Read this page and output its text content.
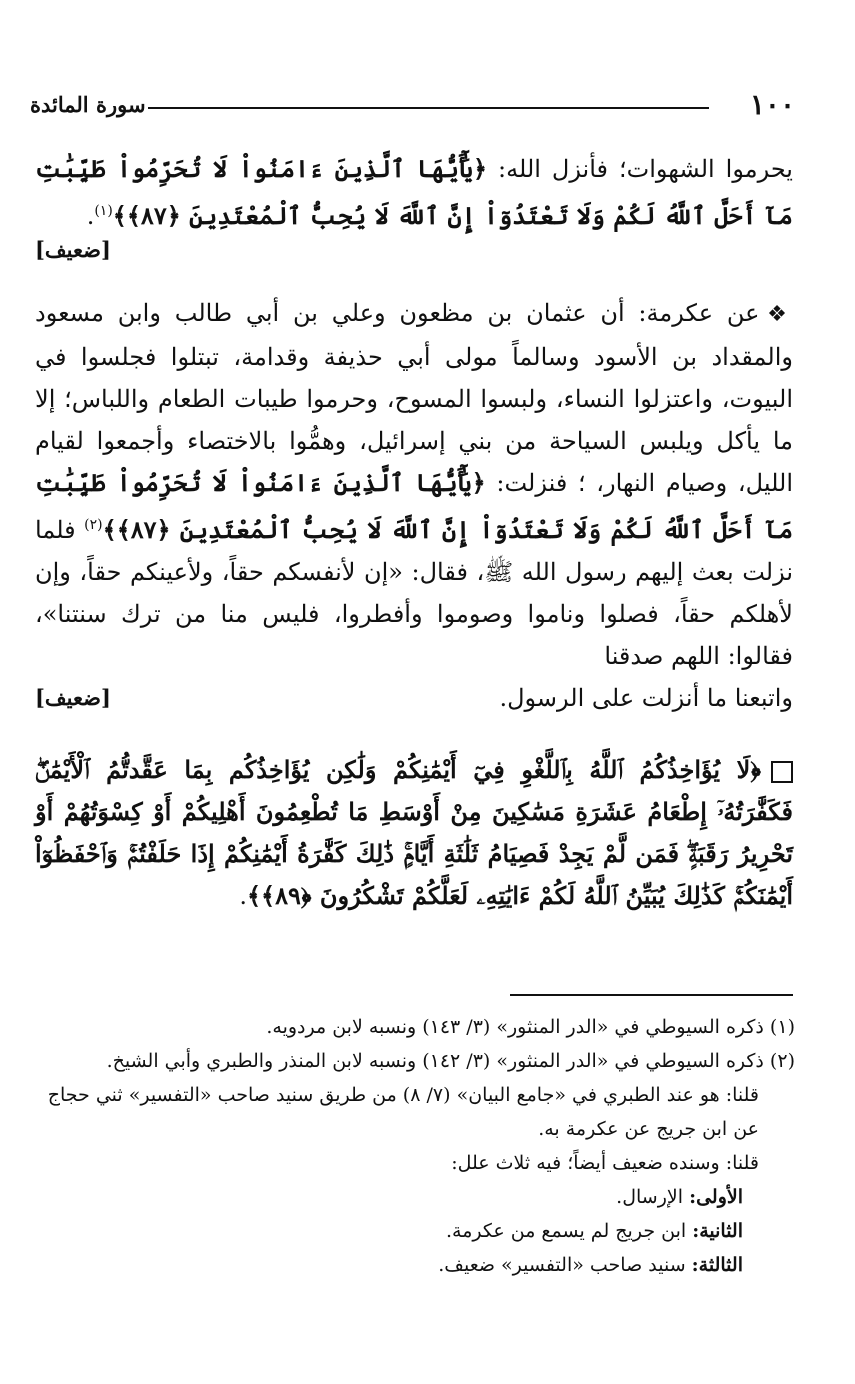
سورة المائدة	١٠٠

يحرموا الشهوات؛ فأنزل الله: ﴿يَٰٓأَيُّهَا ٱلَّذِينَ ءَامَنُواْ لَا تُحَرِّمُواْ طَيِّبَٰتِ مَآ أَحَلَّ ٱللَّهُ لَكُمْ وَلَا تَعْتَدُوٓاْ إِنَّ ٱللَّهَ لَا يُحِبُّ ٱلْمُعْتَدِينَ ﴿٨٧﴾﴾$^{(١)}$.

[ضعيف]

❖ عن عكرمة: أن عثمان بن مظعون وعلي بن أبي طالب وابن مسعود والمقداد بن الأسود وسالماً مولى أبي حذيفة وقدامة، تبتلوا فجلسوا في البيوت، واعتزلوا النساء، ولبسوا المسوح، وحرموا طيبات الطعام واللباس؛ إلا ما يأكل ويلبس السياحة من بني إسرائيل، وهمُّوا بالاختصاء وأجمعوا لقيام الليل، وصيام النهار، ؛ فنزلت: ﴿يَٰٓأَيُّهَا ٱلَّذِينَ ءَامَنُواْ لَا تُحَرِّمُواْ طَيِّبَٰتِ مَآ أَحَلَّ ٱللَّهُ لَكُمْ وَلَا تَعْتَدُوٓاْ إِنَّ ٱللَّهَ لَا يُحِبُّ ٱلْمُعْتَدِينَ ﴿٨٧﴾﴾$^{(٢)}$ فلما نزلت بعث إليهم رسول الله ﷺ، فقال: «إن لأنفسكم حقاً، ولأعينكم حقاً، وإن لأهلكم حقاً، فصلوا وناموا وصوموا وأفطروا، فليس منا من ترك سنتنا»، فقالوا: اللهم صدقنا

واتبعنا ما أنزلت على الرسول.
[ضعيف]

﴿لَا يُؤَاخِذُكُمُ ٱللَّهُ بِٱللَّغْوِ فِيٓ أَيْمَٰنِكُمْ وَلَٰكِن يُؤَاخِذُكُم بِمَا عَقَّدتُّمُ ٱلْأَيْمَٰنَۖ فَكَفَّٰرَتُهُۥٓ إِطْعَامُ عَشَرَةِ مَسَٰكِينَ مِنْ أَوْسَطِ مَا تُطْعِمُونَ أَهْلِيكُمْ أَوْ كِسْوَتُهُمْ أَوْ تَحْرِيرُ رَقَبَةٍۖ فَمَن لَّمْ يَجِدْ فَصِيَامُ ثَلَٰثَةِ أَيَّامٍۚ ذَٰلِكَ كَفَّٰرَةُ أَيْمَٰنِكُمْ إِذَا حَلَفْتُمْۚ وَٱحْفَظُوٓاْ أَيْمَٰنَكُمْۚ كَذَٰلِكَ يُبَيِّنُ ٱللَّهُ لَكُمْ ءَايَٰتِهِۦ لَعَلَّكُمْ تَشْكُرُونَ ﴿٨٩﴾﴾.

(١) ذكره السيوطي في «الدر المنثور» (٣/ ١٤٣) ونسبه لابن مردويه.

(٢) ذكره السيوطي في «الدر المنثور» (٣/ ١٤٢) ونسبه لابن المنذر والطبري وأبي الشيخ.

قلنا: هو عند الطبري في «جامع البيان» (٧/ ٨) من طريق سنيد صاحب «التفسير» ثني حجاج عن ابن جريج عن عكرمة به.

قلنا: وسنده ضعيف أيضاً؛ فيه ثلاث علل:

الأولى: الإرسال.

الثانية: ابن جريج لم يسمع من عكرمة.

الثالثة: سنيد صاحب «التفسير» ضعيف.
